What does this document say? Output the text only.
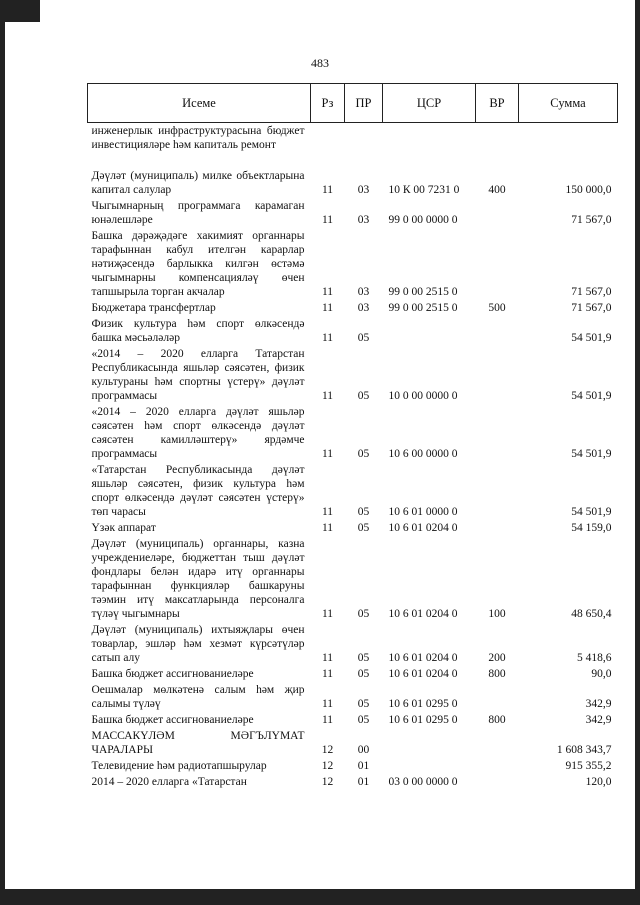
483
Исеме	Рз	ПР	ЦСР	ВР	Сумма
инженерлык инфраструктурасына бюджет инвестицияләре һәм капиталь ремонт					
Дәүләт (муниципаль) милке объектларына капитал салулар	11	03	10 К 00 7231 0	400	150 000,0
Чыгымнарның программага карамаган юнәлешләре	11	03	99 0 00 0000 0		71 567,0
Башка дәрәҗәдәге хакимият органнары тарафыннан кабул ителгән карарлар нәтиҗәсендә барлыкка килгән өстәмә чыгымнарны компенсацияләү өчен тапшырыла торган акчалар	11	03	99 0 00 2515 0		71 567,0
Бюджетара трансфертлар	11	03	99 0 00 2515 0	500	71 567,0
Физик культура һәм спорт өлкәсендә башка мәсьәләләр	11	05			54 501,9
«2014 – 2020 елларга Татарстан Республикасында яшьләр сәясәтен, физик культураны һәм спортны үстерү» дәүләт программасы	11	05	10 0 00 0000 0		54 501,9
«2014 – 2020 елларга дәүләт яшьләр сәясәтен һәм спорт өлкәсендә дәүләт сәясәтен камилләштерү» ярдәмче программасы	11	05	10 6 00 0000 0		54 501,9
«Татарстан Республикасында дәүләт яшьләр сәясәтен, физик культура һәм спорт өлкәсендә дәүләт сәясәтен үстерү» төп чарасы	11	05	10 6 01 0000 0		54 501,9
Үзәк аппарат	11	05	10 6 01 0204 0		54 159,0
Дәүләт (муниципаль) органнары, казна учреждениеләре, бюджеттан тыш дәүләт фондлары белән идарә итү органнары тарафыннан функцияләр башкаруны тәэмин итү максатларында персоналга түләү чыгымнары	11	05	10 6 01 0204 0	100	48 650,4
Дәүләт (муниципаль) ихтыяҗлары өчен товарлар, эшләр һәм хезмәт күрсәтүләр сатып алу	11	05	10 6 01 0204 0	200	5 418,6
Башка бюджет ассигнованиеләре	11	05	10 6 01 0204 0	800	90,0
Оешмалар мөлкәтенә салым һәм җир салымы түләү	11	05	10 6 01 0295 0		342,9
Башка бюджет ассигнованиеләре	11	05	10 6 01 0295 0	800	342,9
МАССАКҮЛӘМ МӘГЪЛҮМАТ ЧАРАЛАРЫ	12	00			1 608 343,7
Телевидение һәм радиотапшырулар	12	01			915 355,2
2014 – 2020 елларга «Татарстан	12	01	03 0 00 0000 0		120,0
